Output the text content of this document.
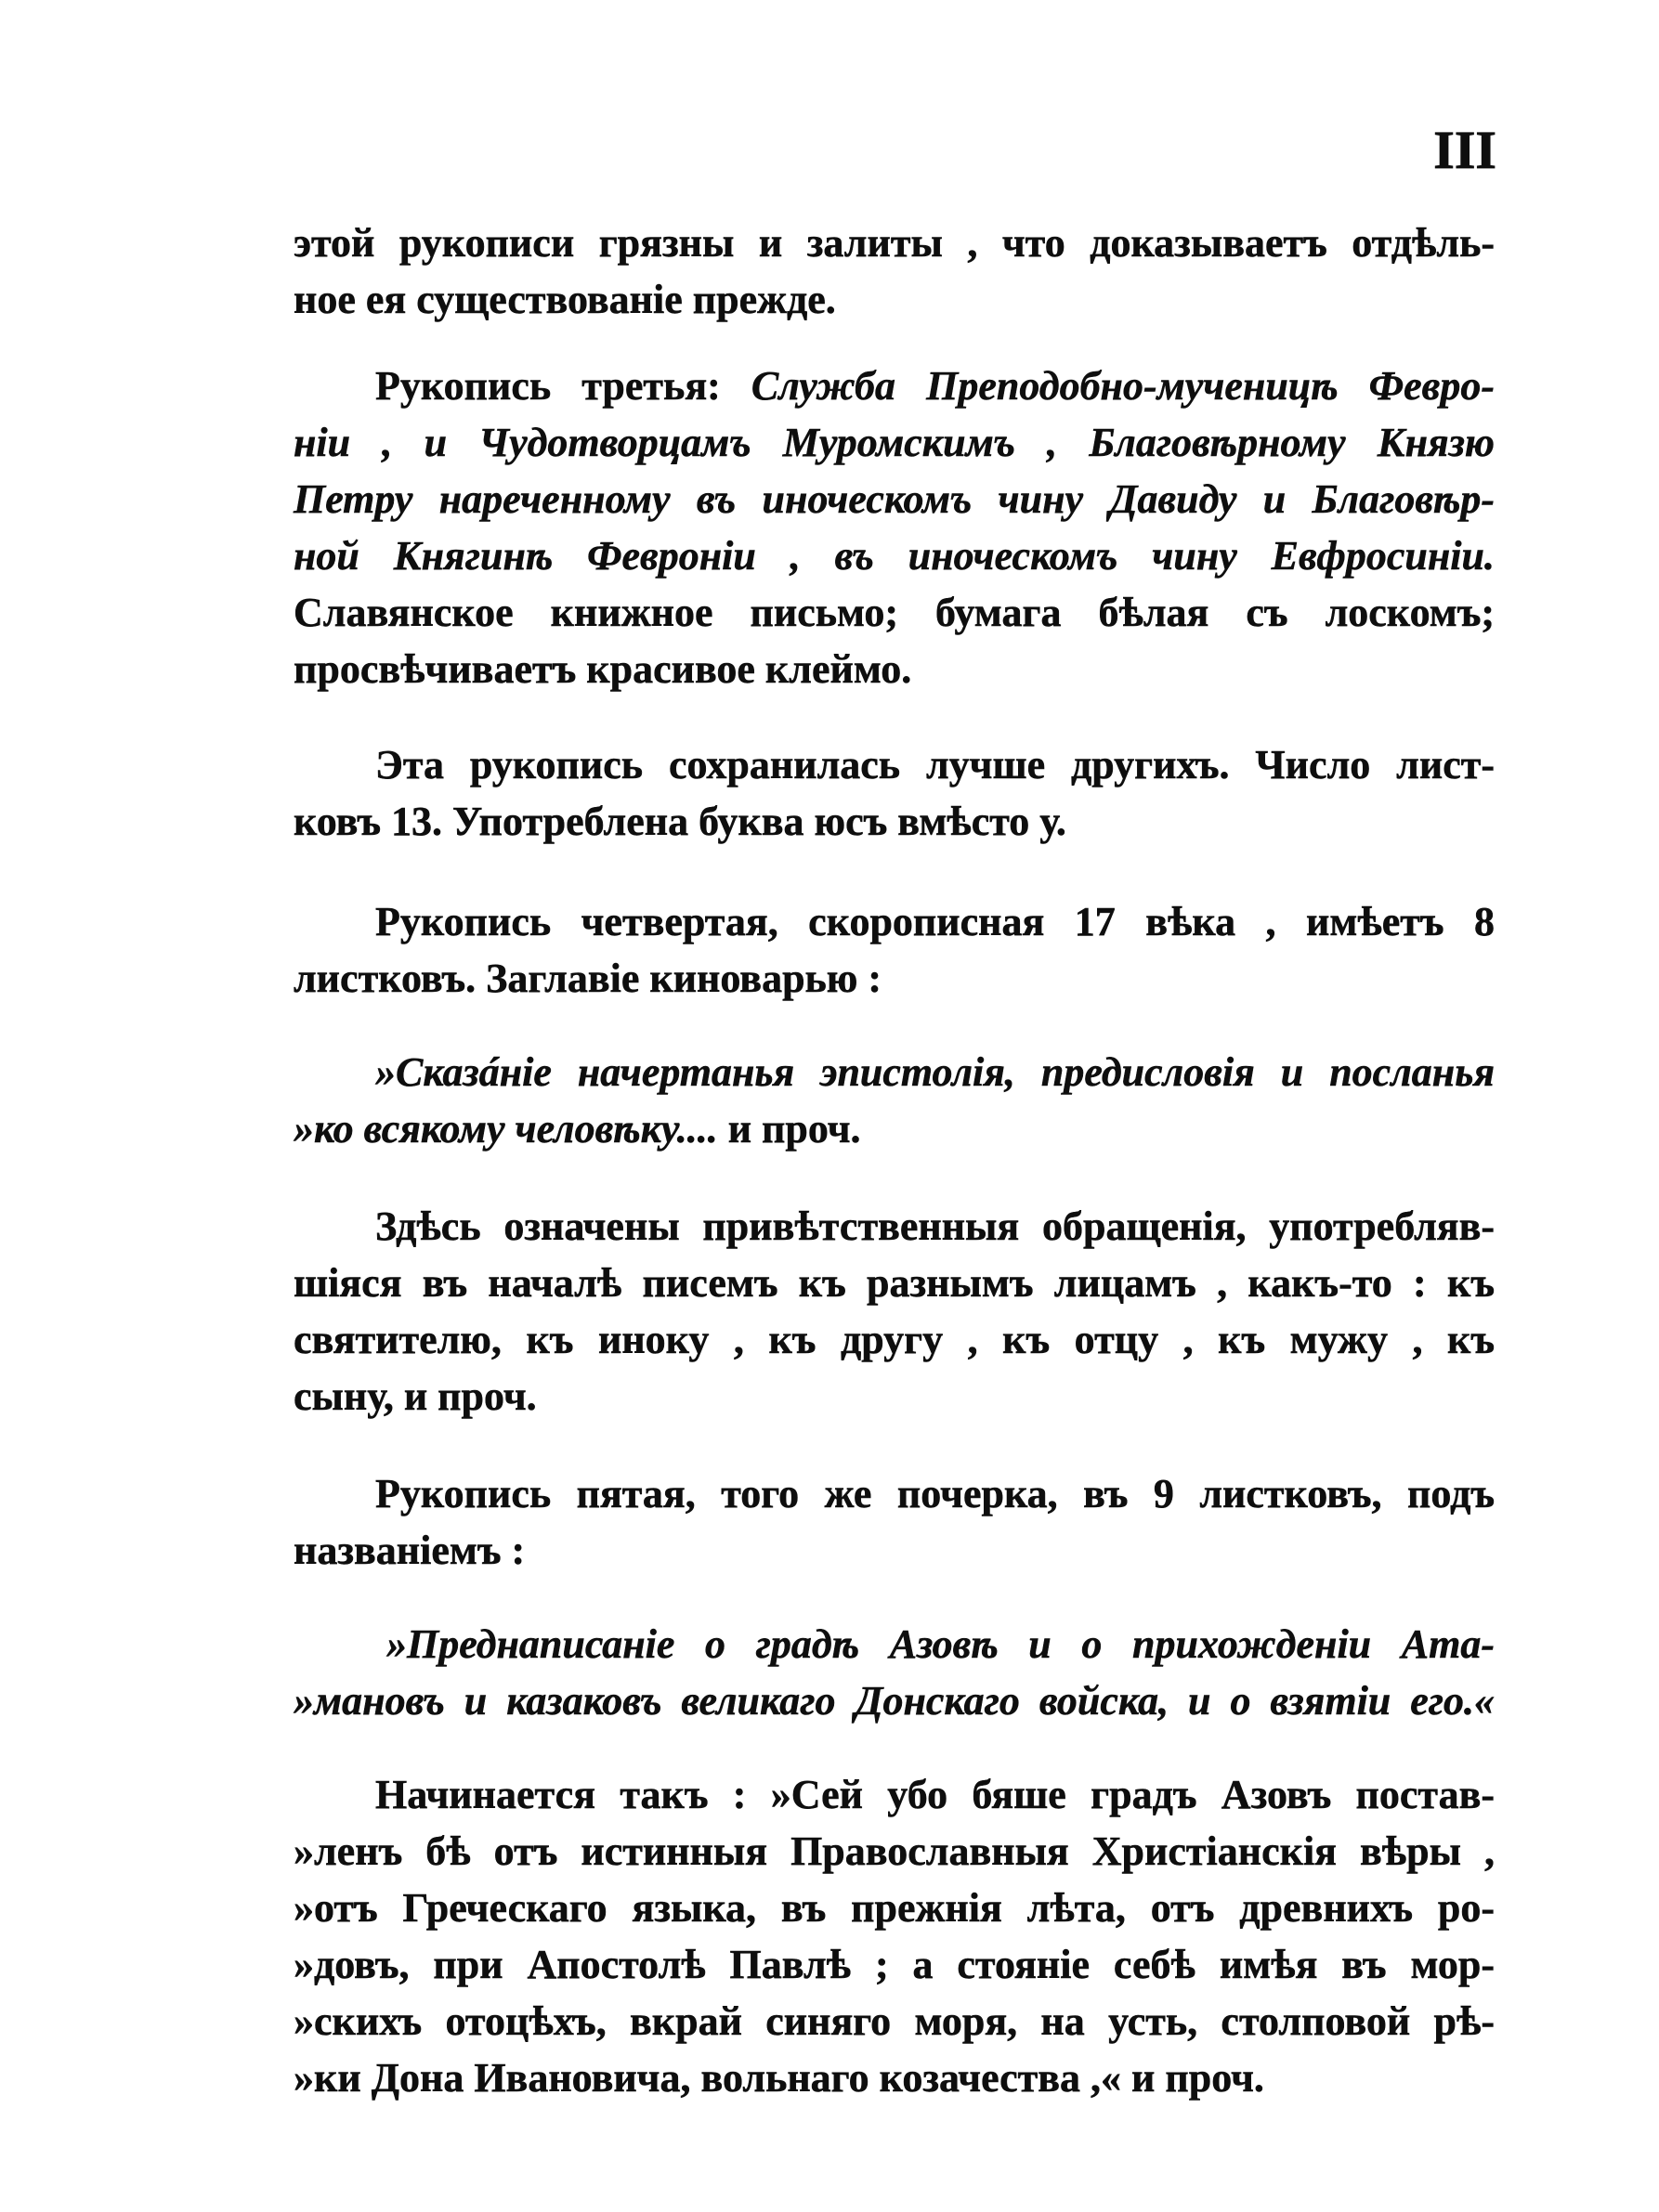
III
этой рукописи грязны и залиты , что доказываетъ отдѣль-
ное ея существованіе прежде.
Рукопись третья: Служба Преподобно-мученицѣ Февро-
ніи , и Чудотворцамъ Муромскимъ , Благовѣрному Князю
Петру нареченному въ иноческомъ чину Давиду и Благовѣр-
ной Княгинѣ Февроніи , въ иноческомъ чину Евфросиніи.
Славянское книжное письмо; бумага бѣлая съ лоскомъ;
просвѣчиваетъ красивое клеймо.
Эта рукопись сохранилась лучше другихъ. Число лист-
ковъ 13. Употреблена буква юсъ вмѣсто у.
Рукопись четвертая, скорописная 17 вѣка , имѣетъ 8
листковъ. Заглавіе киноварью :
»Сказáніе начертанья эпистолія, предисловія и посланья
»ко всякому человѣку.... и проч.
Здѣсь означены привѣтственныя обращенія, употребляв-
шіяся въ началѣ писемъ къ разнымъ лицамъ , какъ-то : къ
святителю, къ иноку , къ другу , къ отцу , къ мужу , къ
сыну, и проч.
Рукопись пятая, того же почерка, въ 9 листковъ, подъ
названіемъ :
»Преднаписаніе о градѣ Азовѣ и о прихожденіи Ата-
»мановъ и казаковъ великаго Донскаго войска, и о взятіи его.«
Начинается такъ : »Сей убо бяше градъ Азовъ постав-
»ленъ бѣ отъ истинныя Православныя Христіанскія вѣры ,
»отъ Греческаго языка, въ прежнія лѣта, отъ древнихъ ро-
»довъ, при Апостолѣ Павлѣ ; а стояніе себѣ имѣя въ мор-
»скихъ отоцѣхъ, вкрай синяго моря, на усть, столповой рѣ-
»ки Дона Ивановича, вольнаго козачества ,« и проч.
